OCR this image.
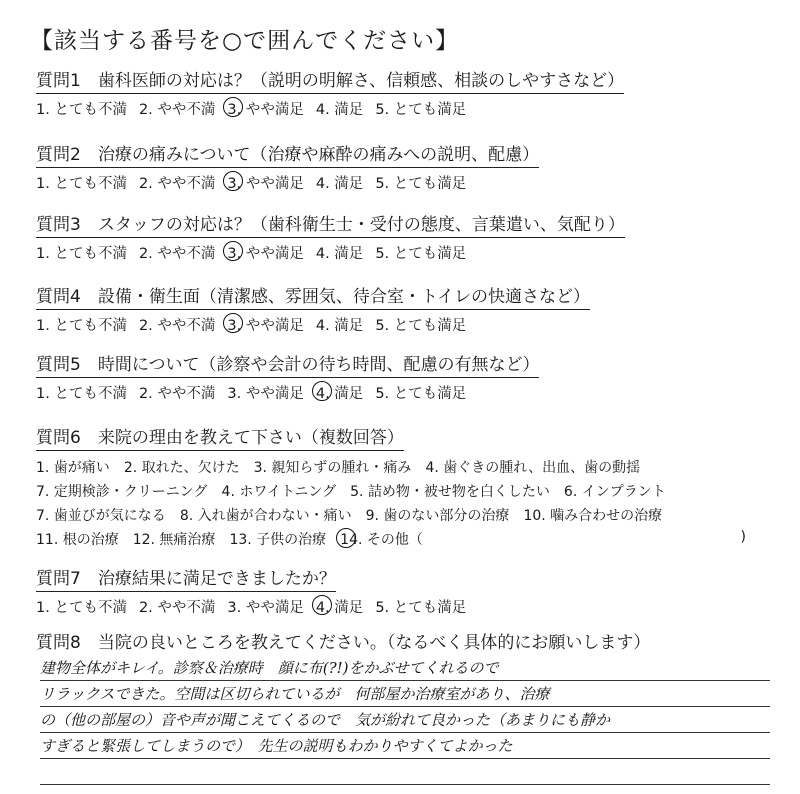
【該当する番号を○で囲んでください】
質問1　歯科医師の対応は？（説明の明解さ、信頼感、相談のしやすさなど）
1. とても不満 2. やや不満 3. やや満足 4. 満足 5. とても満足
質問2　治療の痛みについて（治療や麻酔の痛みへの説明、配慮）
1. とても不満 2. やや不満 3. やや満足 4. 満足 5. とても満足
質問3　スタッフの対応は？（歯科衛生士・受付の態度、言葉遣い、気配り）
1. とても不満 2. やや不満 3. やや満足 4. 満足 5. とても満足
質問4　設備・衛生面（清潔感、雰囲気、待合室・トイレの快適さなど）
1. とても不満 2. やや不満 3. やや満足 4. 満足 5. とても満足
質問5　時間について（診察や会計の待ち時間、配慮の有無など）
1. とても不満 2. やや不満 3. やや満足 4. 満足 5. とても満足
質問6　来院の理由を教えて下さい（複数回答）
1. 歯が痛い 2. 取れた、欠けた 3. 親知らずの腫れ・痛み 4. 歯ぐきの腫れ、出血、歯の動揺
7. 定期検診・クリーニング 4. ホワイトニング 5. 詰め物・被せ物を白くしたい 6. インプラント
7. 歯並びが気になる 8. 入れ歯が合わない・痛い 9. 歯のない部分の治療 10. 噛み合わせの治療
11. 根の治療 12. 無痛治療 13. 子供の治療 14. その他（	)
質問7　治療結果に満足できましたか？
1. とても不満 2. やや不満 3. やや満足 4. 満足 5. とても満足
質問8　当院の良いところを教えてください。（なるべく具体的にお願いします）
建物全体がキレイ。診察＆治療時　顔に布(?!)をかぶせてくれるので
リラックスできた。空間は区切られているが　何部屋か治療室があり、治療
の（他の部屋の）音や声が聞こえてくるので　気が紛れて良かった（あまりにも静か
すぎると緊張してしまうので）　先生の説明もわかりやすくてよかった
